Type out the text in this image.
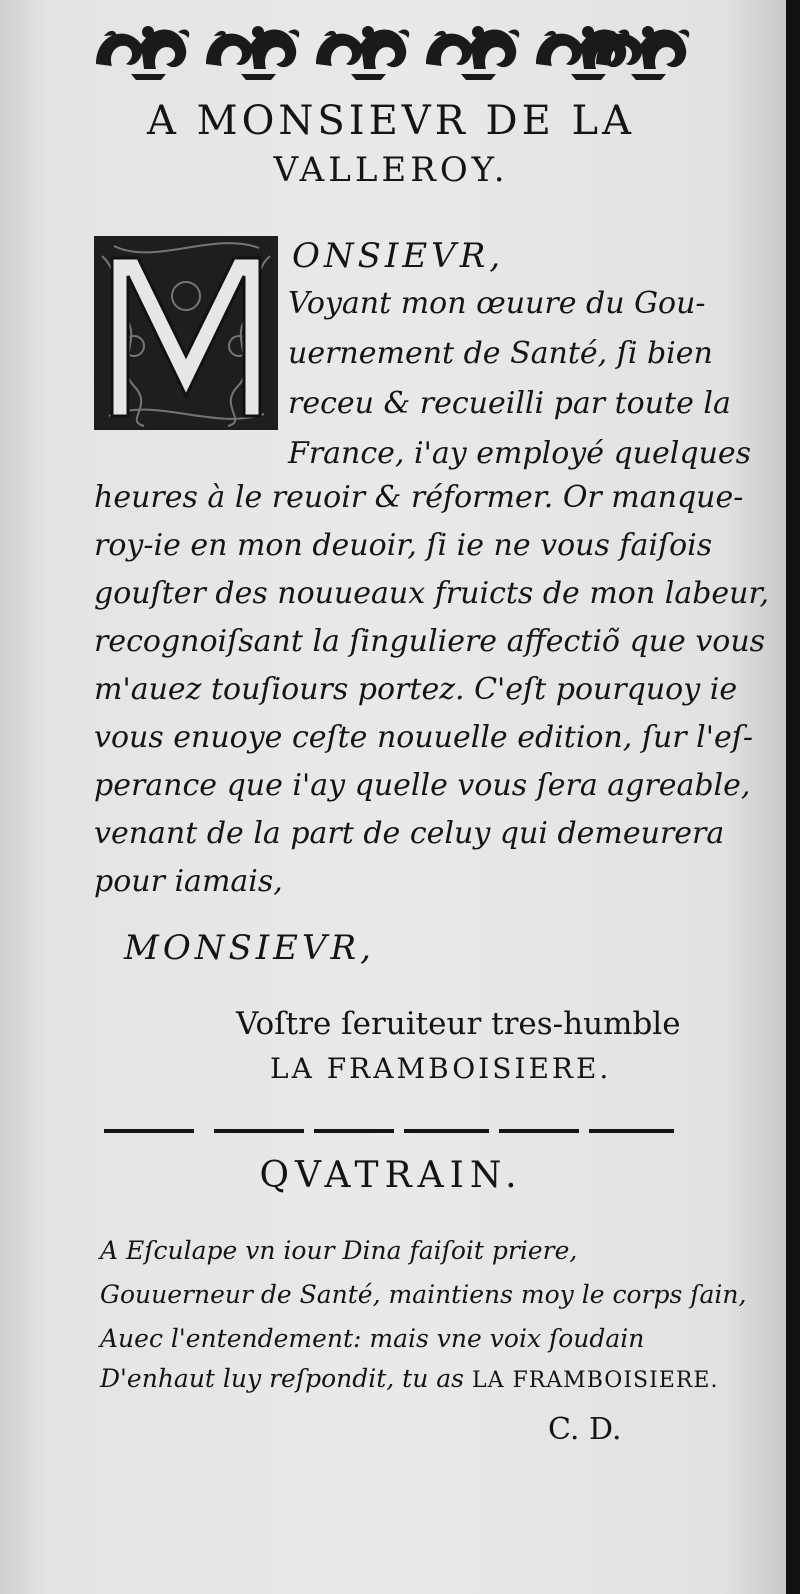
A MONSIEVR DE LA
VALLEROY.
ONSIEVR,
Voyant mon œuure du Gou-
uernement de Santé, ſi bien
receu & recueilli par toute la
France, i'ay employé quelques
heures à le reuoir & réformer. Or manque-
roy-ie en mon deuoir, ſi ie ne vous faiſois
gouſter des nouueaux fruicts de mon labeur,
recognoiſsant la ſinguliere affectiõ que vous
m'auez touſiours portez. C'eſt pourquoy ie
vous enuoye ceſte nouuelle edition, ſur l'eſ-
perance que i'ay quelle vous ſera agreable,
venant de la part de celuy qui demeurera
pour iamais,
MONSIEVR,
Voſtre ſeruiteur tres-humble
LA FRAMBOISIERE.
QVATRAIN.
A Eſculape vn iour Dina faiſoit priere,
Gouuerneur de Santé, maintiens moy le corps ſain,
Auec l'entendement: mais vne voix ſoudain
D'enhaut luy reſpondit, tu as LA FRAMBOISIERE.
C. D.
